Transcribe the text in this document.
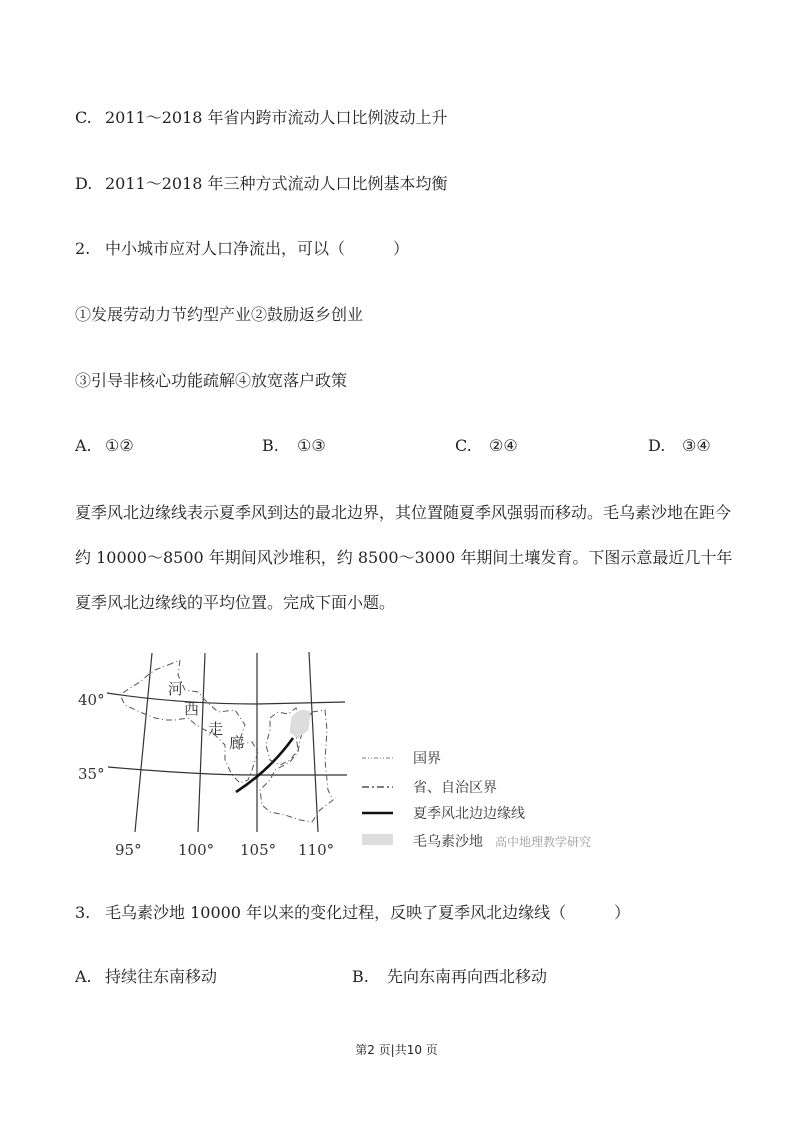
C. 2011～2018 年省内跨市流动人口比例波动上升
D. 2011～2018 年三种方式流动人口比例基本均衡
2. 中小城市应对人口净流出，可以（　　　）
①发展劳动力节约型产业②鼓励返乡创业
③引导非核心功能疏解④放宽落户政策
A. ①②	B. ①③	C. ②④	D. ③④
夏季风北边缘线表示夏季风到达的最北边界，其位置随夏季风强弱而移动。毛乌素沙地在距今约 10000～8500 年期间风沙堆积，约 8500～3000 年期间土壤发育。下图示意最近几十年夏季风北边缘线的平均位置。完成下面小题。
河
西
走
廊
40°
35°
95° 100° 105° 110°
国界
省、自治区界
夏季风北边边缘线
毛乌素沙地 高中地理教学研究
3. 毛乌素沙地 10000 年以来的变化过程，反映了夏季风北边缘线（　　　）
A. 持续往东南移动	B. 先向东南再向西北移动
第2 页|共10 页
